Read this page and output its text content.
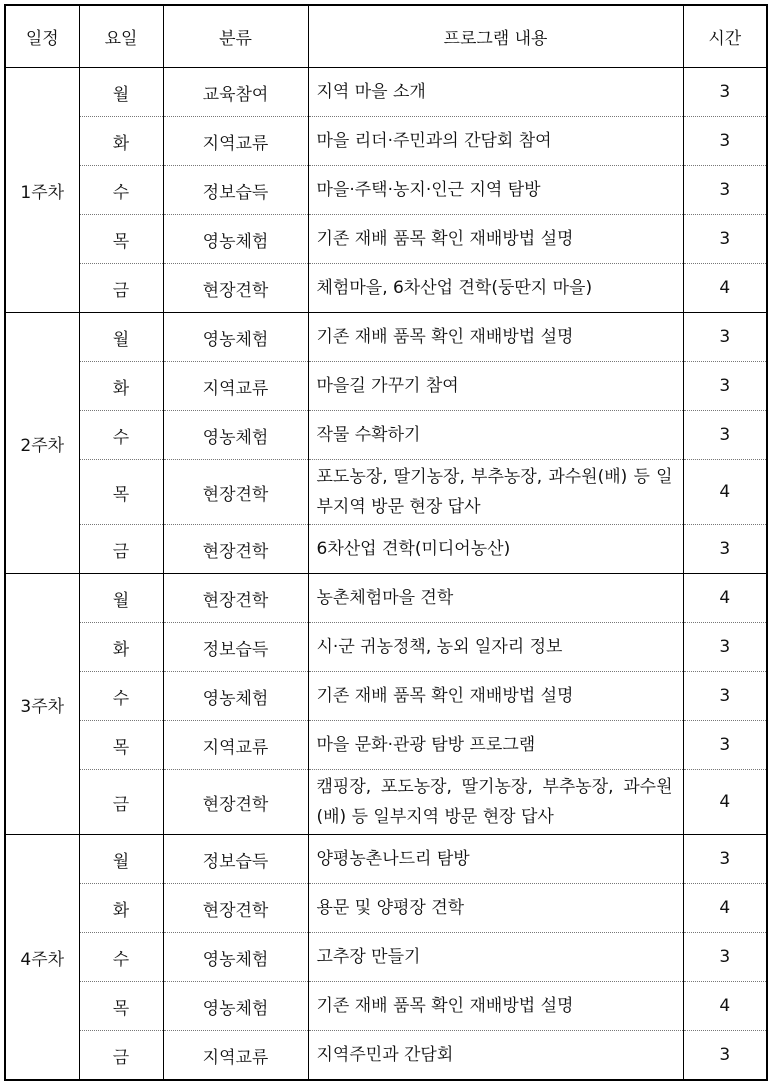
일정	요일	분류	프로그램 내용	시간
1주차	월	교육참여	지역 마을 소개	3
	화	지역교류	마을 리더·주민과의 간담회 참여	3
	수	정보습득	마을·주택·농지·인근 지역 탐방	3
	목	영농체험	기존 재배 품목 확인 재배방법 설명	3
	금	현장견학	체험마을, 6차산업 견학(둥딴지 마을)	4
2주차	월	영농체험	기존 재배 품목 확인 재배방법 설명	3
	화	지역교류	마을길 가꾸기 참여	3
	수	영농체험	작물 수확하기	3
	목	현장견학	포도농장, 딸기농장, 부추농장, 과수원(배) 등 일부지역 방문 현장 답사	4
	금	현장견학	6차산업 견학(미디어농산)	3
3주차	월	현장견학	농촌체험마을 견학	4
	화	정보습득	시·군 귀농정책, 농외 일자리 정보	3
	수	영농체험	기존 재배 품목 확인 재배방법 설명	3
	목	지역교류	마을 문화·관광 탐방 프로그램	3
	금	현장견학	캠핑장, 포도농장, 딸기농장, 부추농장, 과수원(배) 등 일부지역 방문 현장 답사	4
4주차	월	정보습득	양평농촌나드리 탐방	3
	화	현장견학	용문 및 양평장 견학	4
	수	영농체험	고추장 만들기	3
	목	영농체험	기존 재배 품목 확인 재배방법 설명	4
	금	지역교류	지역주민과 간담회	3
